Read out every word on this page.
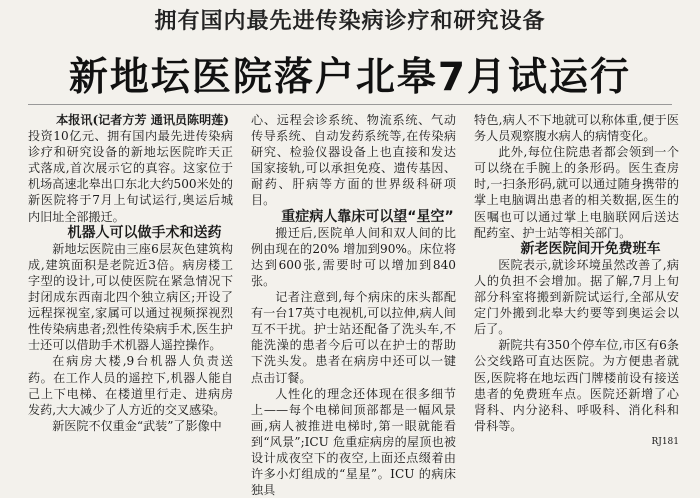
拥有国内最先进传染病诊疗和研究设备
新地坛医院落户北皋7月试运行

本报讯(记者方芳 通讯员陈明莲)

投资10亿元、拥有国内最先进传染病诊疗和研究设备的新地坛医院昨天正式落成,首次展示它的真容。这家位于机场高速北皋出口东北大约500米处的新医院将于7月上旬试运行,奥运后城内旧址全部搬迁。

机器人可以做手术和送药

新地坛医院由三座6层灰色建筑构成,建筑面积是老院近3倍。病房楼工字型的设计,可以使医院在紧急情况下封闭成东西南北四个独立病区;开设了远程探视室,家属可以通过视频探视烈性传染病患者;烈性传染病手术,医生护士还可以借助手术机器人遥控操作。

在病房大楼,9台机器人负责送药。在工作人员的遥控下,机器人能自己上下电梯、在楼道里行走、进病房发药,大大减少了人方近的交叉感染。

新医院不仅重金“武装”了影像中

心、远程会诊系统、物流系统、气动传导系统、自动发药系统等,在传染病研究、检验仪器设备上也直接和发达国家接轨,可以承担免疫、遗传基因、耐药、肝病等方面的世界级科研项目。

重症病人靠床可以望“星空”

搬迁后,医院单人间和双人间的比例由现在的20% 增加到90%。床位将达到600张,需要时可以增加到840张。

记者注意到,每个病床的床头都配有一台17英寸电视机,可以拉伸,病人间互不干扰。护士站还配备了洗头车,不能洗澡的患者今后可以在护士的帮助下洗头发。患者在病房中还可以一键点击订餐。

人性化的理念还体现在很多细节上——每个电梯间顶部都是一幅风景画,病人被推进电梯时,第一眼就能看到“风景”;ICU 危重症病房的屋顶也被设计成夜空下的夜空,上面还点缀着由许多小灯组成的“星星”。ICU 的病床独具

特色,病人不下地就可以称体重,便于医务人员观察腹水病人的病情变化。

此外,每位住院患者都会领到一个可以绕在手腕上的条形码。医生查房时,一扫条形码,就可以通过随身携带的掌上电脑调出患者的相关数据,医生的医嘱也可以通过掌上电脑联网后送达配药室、护士站等相关部门。

新老医院间开免费班车

医院表示,就诊环境虽然改善了,病人的负担不会增加。据了解,7月上旬部分科室将搬到新院试运行,全部从安定门外搬到北皋大约要等到奥运会以后了。

新院共有350个停车位,市区有6条公交线路可直达医院。为方便患者就医,医院将在地坛西门牌楼前设有接送患者的免费班车点。医院还新增了心肾科、内分泌科、呼吸科、消化科和骨科等。

RJ181
